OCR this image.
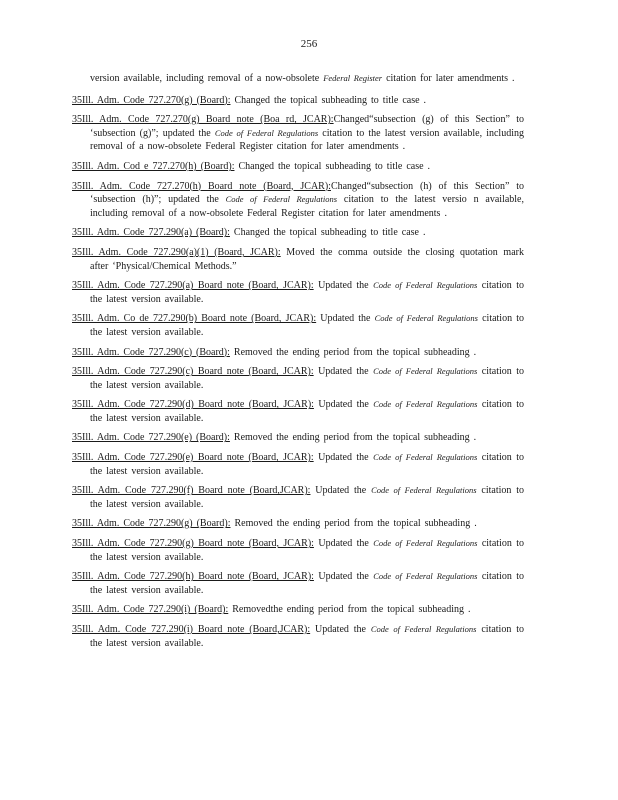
256

version available, including removal of a now-obsolete Federal Register citation for later amendments .

35Ill. Adm. Code 727.270(g) (Board): Changed the topical subheading to title case .

35Ill. Adm. Code 727.270(g) Board note (Boa rd, JCAR):Changed“subsection (g) of this Section” to ‘subsection (g)”; updated the Code of Federal Regulations citation to the latest version available, including removal of a now-obsolete Federal Register citation for later amendments .

35Ill. Adm. Cod e 727.270(h) (Board): Changed the topical subheading to title case .

35Ill. Adm. Code 727.270(h) Board note (Board, JCAR):Changed“subsection (h) of this Section” to ‘subsection (h)”; updated the Code of Federal Regulations citation to the latest versio n available, including removal of a now-obsolete Federal Register citation for later amendments .

35Ill. Adm. Code 727.290(a) (Board): Changed the topical subheading to title case .

35Ill. Adm. Code 727.290(a)(1) (Board, JCAR): Moved the comma outside the closing quotation mark after ‘Physical/Chemical Methods.”

35Ill. Adm. Code 727.290(a) Board note (Board, JCAR): Updated the Code of Federal Regulations citation to the latest version available.

35Ill. Adm. Co de 727.290(b) Board note (Board, JCAR): Updated the Code of Federal Regulations citation to the latest version available.

35Ill. Adm. Code 727.290(c) (Board): Removed the ending period from the topical subheading .

35Ill. Adm. Code 727.290(c) Board note (Board, JCAR): Updated the Code of Federal Regulations citation to the latest version available.

35Ill. Adm. Code 727.290(d) Board note (Board, JCAR): Updated the Code of Federal Regulations citation to the latest version available.

35Ill. Adm. Code 727.290(e) (Board): Removed the ending period from the topical subheading .

35Ill. Adm. Code 727.290(e) Board note (Board, JCAR): Updated the Code of Federal Regulations citation to the latest version available.

35Ill. Adm. Code 727.290(f) Board note (Board,JCAR): Updated the Code of Federal Regulations citation to the latest version available.

35Ill. Adm. Code 727.290(g) (Board): Removed the ending period from the topical subheading .

35Ill. Adm. Code 727.290(g) Board note (Board, JCAR): Updated the Code of Federal Regulations citation to the latest version available.

35Ill. Adm. Code 727.290(h) Board note (Board, JCAR): Updated the Code of Federal Regulations citation to the latest version available.

35Ill. Adm. Code 727.290(i) (Board): Removedthe ending period from the topical subheading .

35Ill. Adm. Code 727.290(i) Board note (Board,JCAR): Updated the Code of Federal Regulations citation to the latest version available.
